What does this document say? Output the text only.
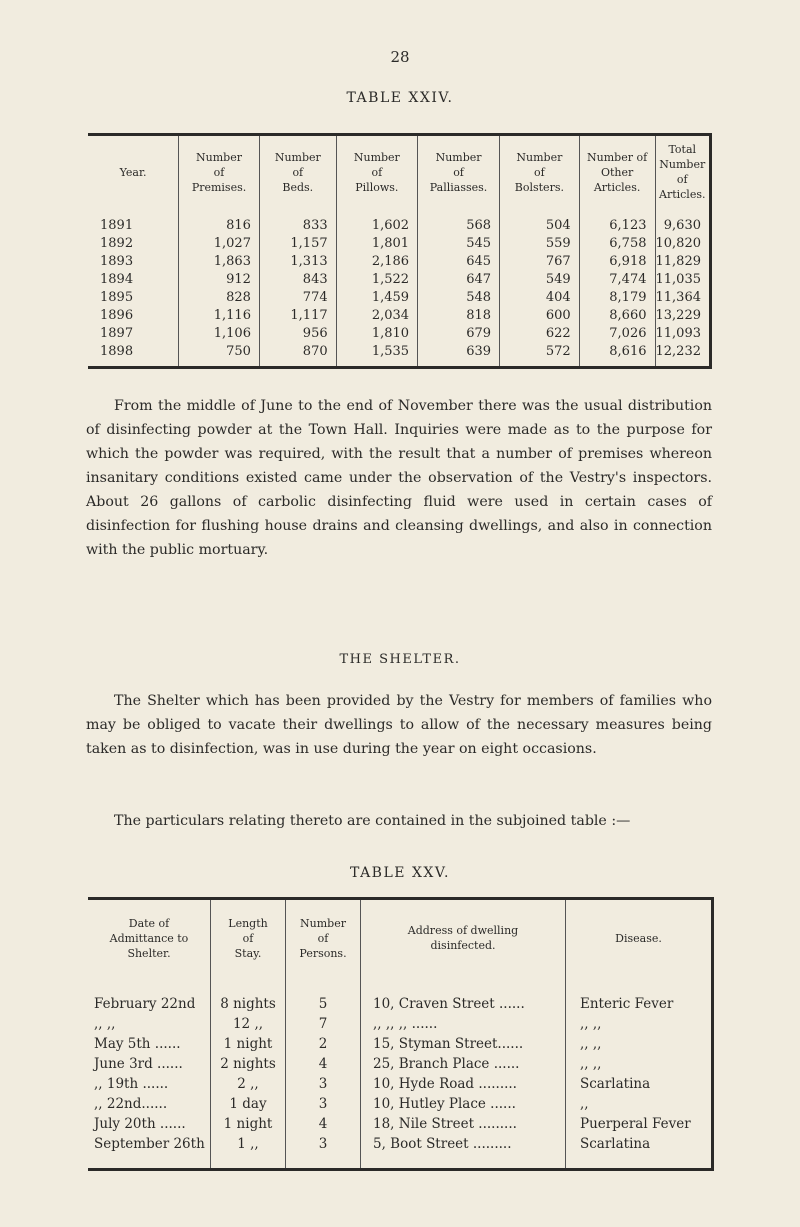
28
TABLE XXIV.
Year.	Number
of
Premises.	Number
of
Beds.	Number
of
Pillows.	Number
of
Palliasses.	Number
of
Bolsters.	Number of
Other
Articles.	Total
Number of
Articles.
1891	816	833	1,602	568	504	6,123	9,630
1892	1,027	1,157	1,801	545	559	6,758	10,820
1893	1,863	1,313	2,186	645	767	6,918	11,829
1894	912	843	1,522	647	549	7,474	11,035
1895	828	774	1,459	548	404	8,179	11,364
1896	1,116	1,117	2,034	818	600	8,660	13,229
1897	1,106	956	1,810	679	622	7,026	11,093
1898	750	870	1,535	639	572	8,616	12,232
From the middle of June to the end of November there was the usual distribution of disinfecting powder at the Town Hall. Inquiries were made as to the purpose for which the powder was required, with the result that a number of premises whereon insanitary conditions existed came under the observation of the Vestry's inspectors. About 26 gallons of carbolic disinfecting fluid were used in certain cases of disinfection for flushing house drains and cleansing dwellings, and also in connection with the public mortuary.
THE SHELTER.
The Shelter which has been provided by the Vestry for members of families who may be obliged to vacate their dwellings to allow of the necessary measures being taken as to disinfection, was in use during the year on eight occasions.
The particulars relating thereto are contained in the subjoined table :—
TABLE XXV.
Date of
Admittance to
Shelter.	Length
of
Stay.	Number
of
Persons.	Address of dwelling
disinfected.	Disease.
February 22nd	8 nights	5	10, Craven Street ......	Enteric Fever
,, ,,	12 ,,	7	,, ,, ,, ......	,, ,,
May 5th ......	1 night	2	15, Styman Street......	,, ,,
June 3rd ......	2 nights	4	25, Branch Place ......	,, ,,
,, 19th ......	2 ,,	3	10, Hyde Road .........	Scarlatina
,, 22nd......	1 day	3	10, Hutley Place ......	,,
July 20th ......	1 night	4	18, Nile Street .........	Puerperal Fever
September 26th	1 ,,	3	5, Boot Street .........	Scarlatina
